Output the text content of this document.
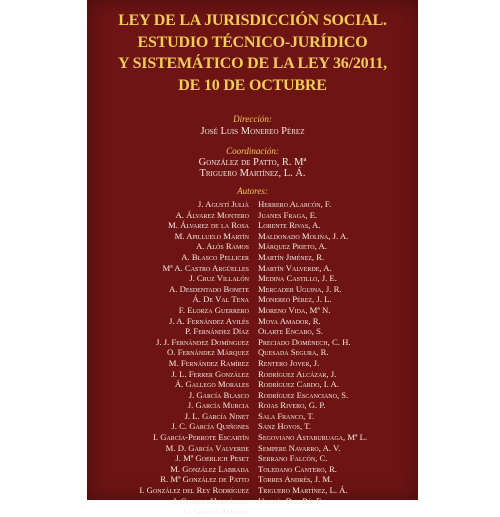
LEY DE LA JURISDICCIÓN SOCIAL.
ESTUDIO TÉCNICO-JURÍDICO
Y SISTEMÁTICO DE LA LEY 36/2011,
DE 10 DE OCTUBRE
Dirección:
José Luis Monereo Pérez
Coordinación:
González de Patto, R. Mª
Triguero Martínez, L. Á.
Autores:
J. Agustí Julià
A. Álvarez Montero
M. Álvarez de la Rosa
M. Apilluelo Martín
A. Alós Ramos
A. Blasco Pellicer
Mª A. Castro Argüelles
J. Cruz Villalón
A. Desdentado Bonete
Á. De Val Tena
F. Elorza Guerrero
J. A. Fernández Avilés
P. Fernández Díaz
J. J. Fernández Domínguez
O. Fernández Márquez
M. Fernández Ramírez
J. L. Ferrer González
Á. Gallego Morales
J. García Blasco
J. García Murcia
J. L. García Ninet
J. C. García Quiñones
I. García-Perrote Escartín
M. D. García Valverde
J. Mª Goerlich Peset
M. González Labrada
R. Mª González de Patto
I. González del Rey Rodríguez
J. Gorelli Hernández
G. Gracia Alegría
Herrero Alarcón, F.
Juanes Fraga, E.
Lorente Rivas, A.
Maldonado Molina, J. A.
Márquez Prieto, A.
Martín Jiménez, R.
Martín Valverde, A.
Medina Castillo, J. E.
Mercader Uguina, J. R.
Monereo Pérez, J. L.
Moreno Vida, Mª N.
Moya Amador, R.
Olarte Encabo, S.
Preciado Domènech, C. H.
Quesada Segura, R.
Rentero Jover, J.
Rodríguez Alcázar, J.
Rodríguez Cardo, I. A.
Rodríguez Escanciano, S.
Rojas Rivero, G. P.
Sala Franco, T.
Sanz Hoyos, T.
Segoviano Astaburuaga, Mª L.
Sempere Navarro, A. V.
Serrano Falcón, C.
Toledano Cantero, R.
Torres Andrés, J. M.
Triguero Martínez, L. Á.
Valdés Dal Ré, F.
